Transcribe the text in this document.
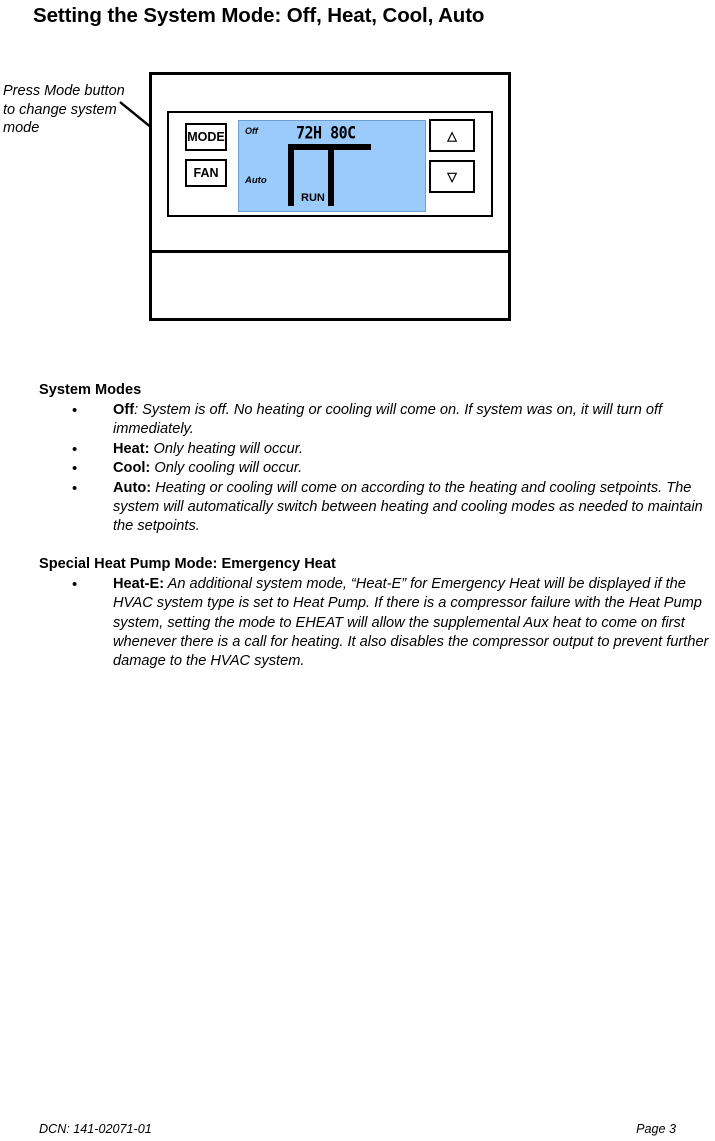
Setting the System Mode: Off, Heat, Cool, Auto
Press Mode button to change system mode
MODE
FAN
Off
Auto
72H 80C
RUN
△
▽
System Modes
• Off: System is off. No heating or cooling will come on. If system was on, it will turn off immediately.
• Heat: Only heating will occur.
• Cool: Only cooling will occur.
• Auto: Heating or cooling will come on according to the heating and cooling setpoints. The system will automatically switch between heating and cooling modes as needed to maintain the setpoints.
Special Heat Pump Mode: Emergency Heat
• Heat-E: An additional system mode, “Heat-E” for Emergency Heat will be displayed if the HVAC system type is set to Heat Pump. If there is a compressor failure with the Heat Pump system, setting the mode to EHEAT will allow the supplemental Aux heat to come on first whenever there is a call for heating. It also disables the compressor output to prevent further damage to the HVAC system.
DCN: 141-02071-01	Page 3
